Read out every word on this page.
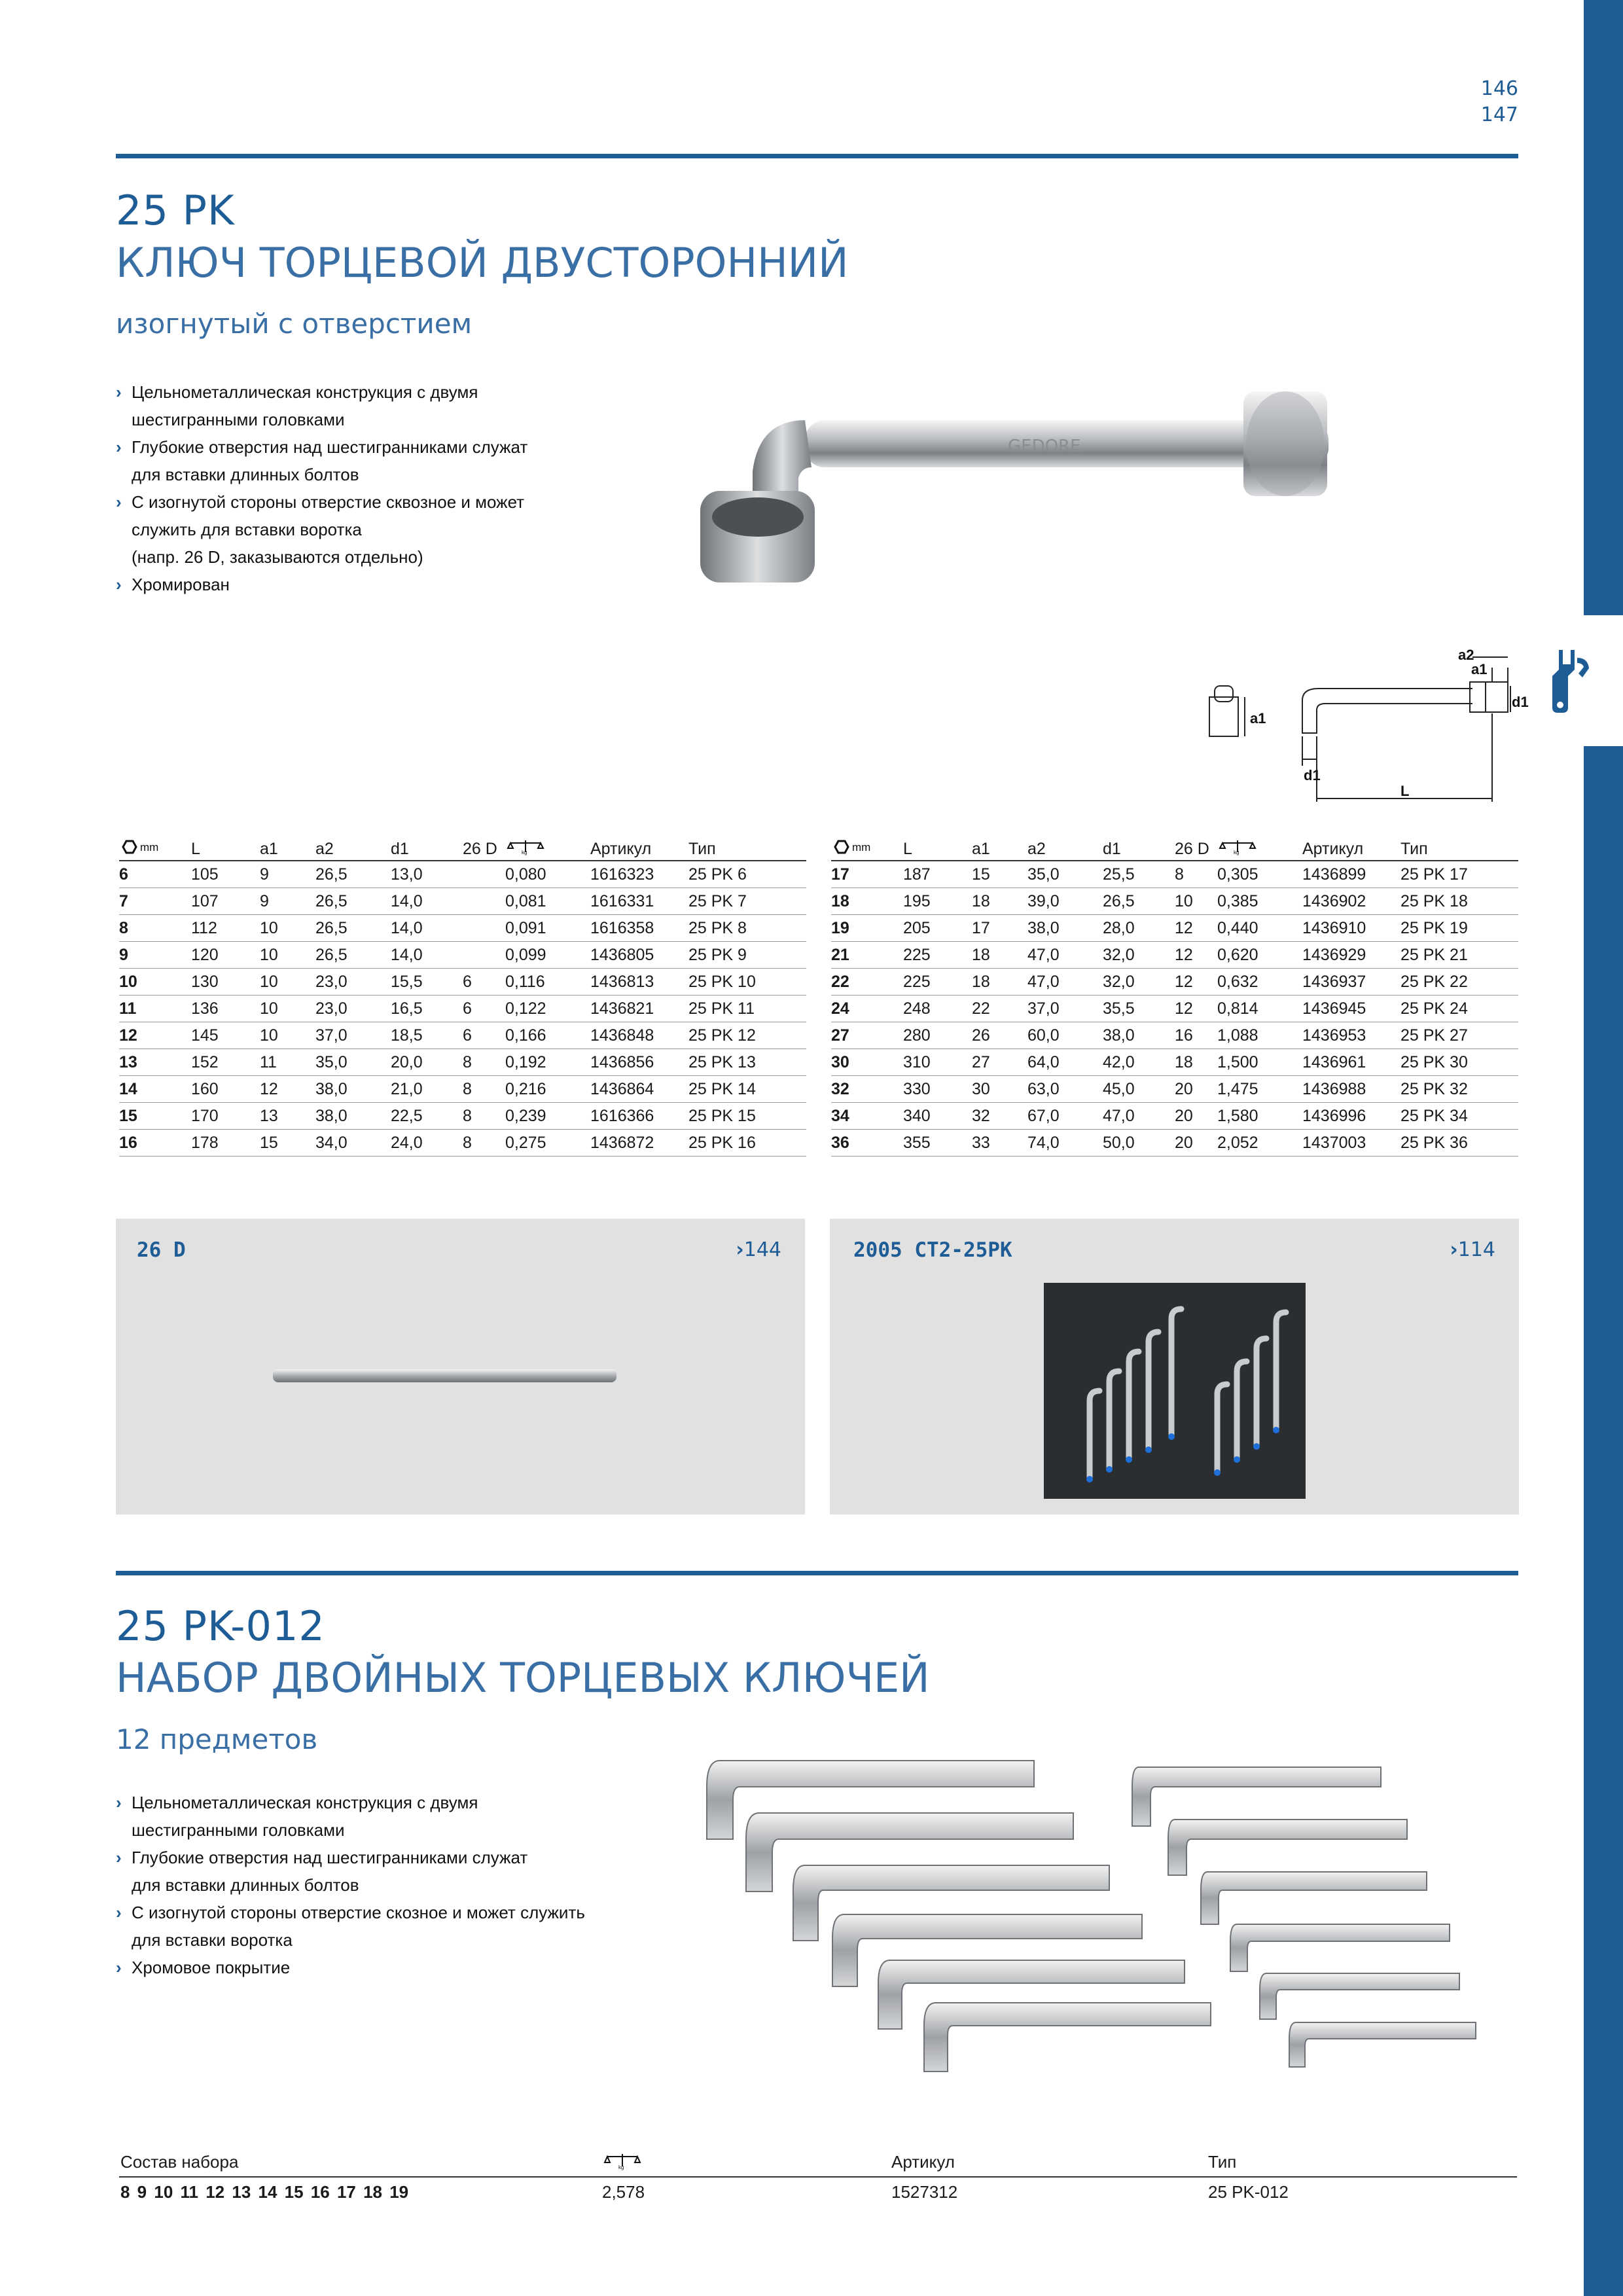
146
147
25 PK
КЛЮЧ ТОРЦЕВОЙ ДВУСТОРОННИЙ
изогнутый с отверстием
› Цельнометаллическая конструкция с двумя
шестигранными головками
› Глубокие отверстия над шестигранниками служат
для вставки длинных болтов
› С изогнутой стороны отверстие сквозное и может
служить для вставки воротка
(напр. 26 D, заказываются отдельно)
› Хромирован
GEDORE
a2
a1
d1
a1
d1
L
mm	L	a1	a2	d1	26 D	kg	Артикул	Тип
6	105	9	26,5	13,0		0,080	1616323	25 PK 6
7	107	9	26,5	14,0		0,081	1616331	25 PK 7
8	112	10	26,5	14,0		0,091	1616358	25 PK 8
9	120	10	26,5	14,0		0,099	1436805	25 PK 9
10	130	10	23,0	15,5	6	0,116	1436813	25 PK 10
11	136	10	23,0	16,5	6	0,122	1436821	25 PK 11
12	145	10	37,0	18,5	6	0,166	1436848	25 PK 12
13	152	11	35,0	20,0	8	0,192	1436856	25 PK 13
14	160	12	38,0	21,0	8	0,216	1436864	25 PK 14
15	170	13	38,0	22,5	8	0,239	1616366	25 PK 15
16	178	15	34,0	24,0	8	0,275	1436872	25 PK 16
mm	L	a1	a2	d1	26 D	kg	Артикул	Тип
17	187	15	35,0	25,5	8	0,305	1436899	25 PK 17
18	195	18	39,0	26,5	10	0,385	1436902	25 PK 18
19	205	17	38,0	28,0	12	0,440	1436910	25 PK 19
21	225	18	47,0	32,0	12	0,620	1436929	25 PK 21
22	225	18	47,0	32,0	12	0,632	1436937	25 PK 22
24	248	22	37,0	35,5	12	0,814	1436945	25 PK 24
27	280	26	60,0	38,0	16	1,088	1436953	25 PK 27
30	310	27	64,0	42,0	18	1,500	1436961	25 PK 30
32	330	30	63,0	45,0	20	1,475	1436988	25 PK 32
34	340	32	67,0	47,0	20	1,580	1436996	25 PK 34
36	355	33	74,0	50,0	20	2,052	1437003	25 PK 36
26 D	›144	2005 CT2-25PK	›114
25 PK-012
НАБОР ДВОЙНЫХ ТОРЦЕВЫХ КЛЮЧЕЙ
12 предметов
› Цельнометаллическая конструкция с двумя
шестигранными головками
› Глубокие отверстия над шестигранниками служат
для вставки длинных болтов
› С изогнутой стороны отверстие скозное и может служить
для вставки воротка
› Хромовое покрытие
Состав набора	kg	Артикул	Тип
8 9 10 11 12 13 14 15 16 17 18 19	2,578	1527312	25 PK-012
